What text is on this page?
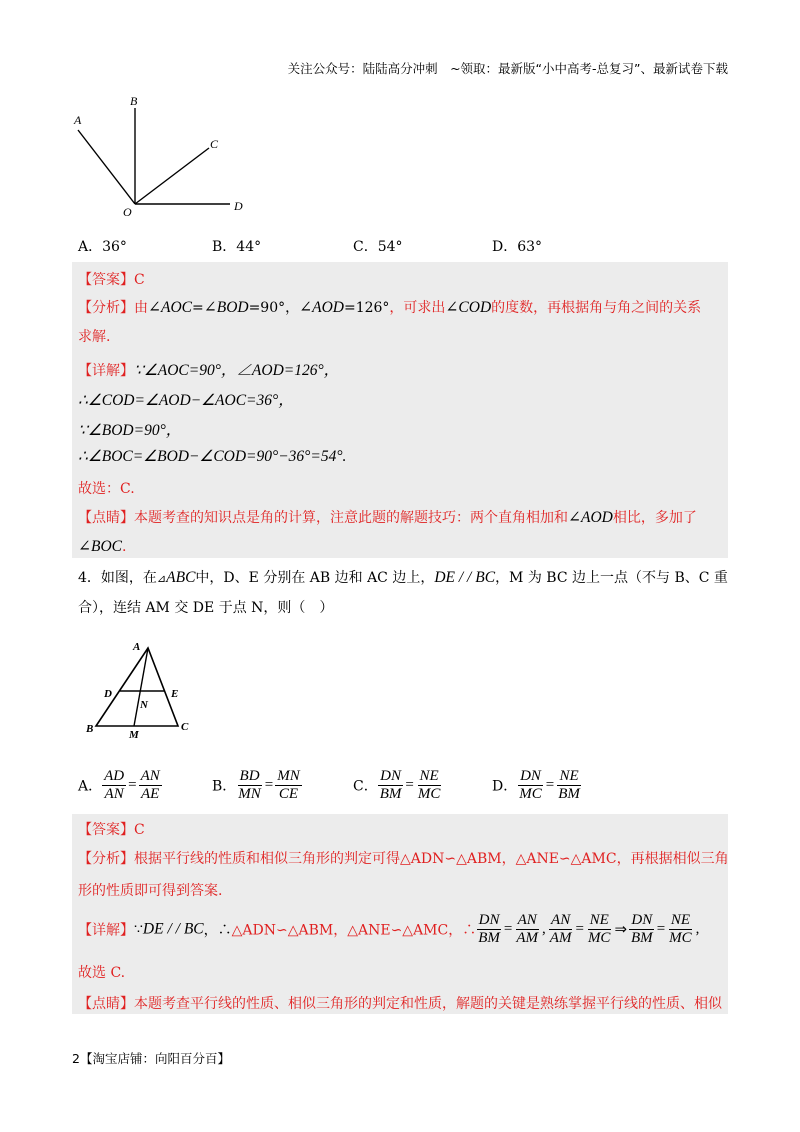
关注公众号：陆陆高分冲刺　~领取：最新版“小中高考-总复习”、最新试卷下载
A
B
C
D
O
A．36°	B．44°	C．54°	D．63°
【答案】C
【分析】由∠AOC=∠BOD=90°，∠AOD=126°，可求出∠COD的度数，再根据角与角之间的关系
求解.
【详解】∵∠AOC=90°，∠AOD=126°，
∴∠COD=∠AOD−∠AOC=36°，
∵∠BOD=90°，
∴∠BOC=∠BOD−∠COD=90°−36°=54°.
故选：C.
【点睛】本题考查的知识点是角的计算，注意此题的解题技巧：两个直角相加和∠AOD相比，多加了
∠BOC.
4．如图，在⊿ABC中，D、E 分别在 AB 边和 AC 边上，DE / / BC，M 为 BC 边上一点（不与 B、C 重
合），连结 AM 交 DE 于点 N，则（　）
A
D	E
N
B	M
C
A． $\frac{AD}{AN} = \frac{AN}{AE}$	B． $\frac{BD}{MN} = \frac{MN}{CE}$	C． $\frac{DN}{BM} = \frac{NE}{MC}$	D． $\frac{DN}{MC} = \frac{NE}{BM}$
【答案】C
【分析】根据平行线的性质和相似三角形的判定可得△ADN∽△ABM，△ANE∽△AMC，再根据相似三角
形的性质即可得到答案.
【详解】∵DE / / BC，∴△ADN∽△ABM，△ANE∽△AMC，∴ $\frac{DN}{BM} = \frac{AN}{AM}$ , $\frac{AN}{AM} = \frac{NE}{MC}$ ⇒ $\frac{DN}{BM} = \frac{NE}{MC}$ ,
故选 C.
【点睛】本题考查平行线的性质、相似三角形的判定和性质，解题的关键是熟练掌握平行线的性质、相似
2【淘宝店铺：向阳百分百】
